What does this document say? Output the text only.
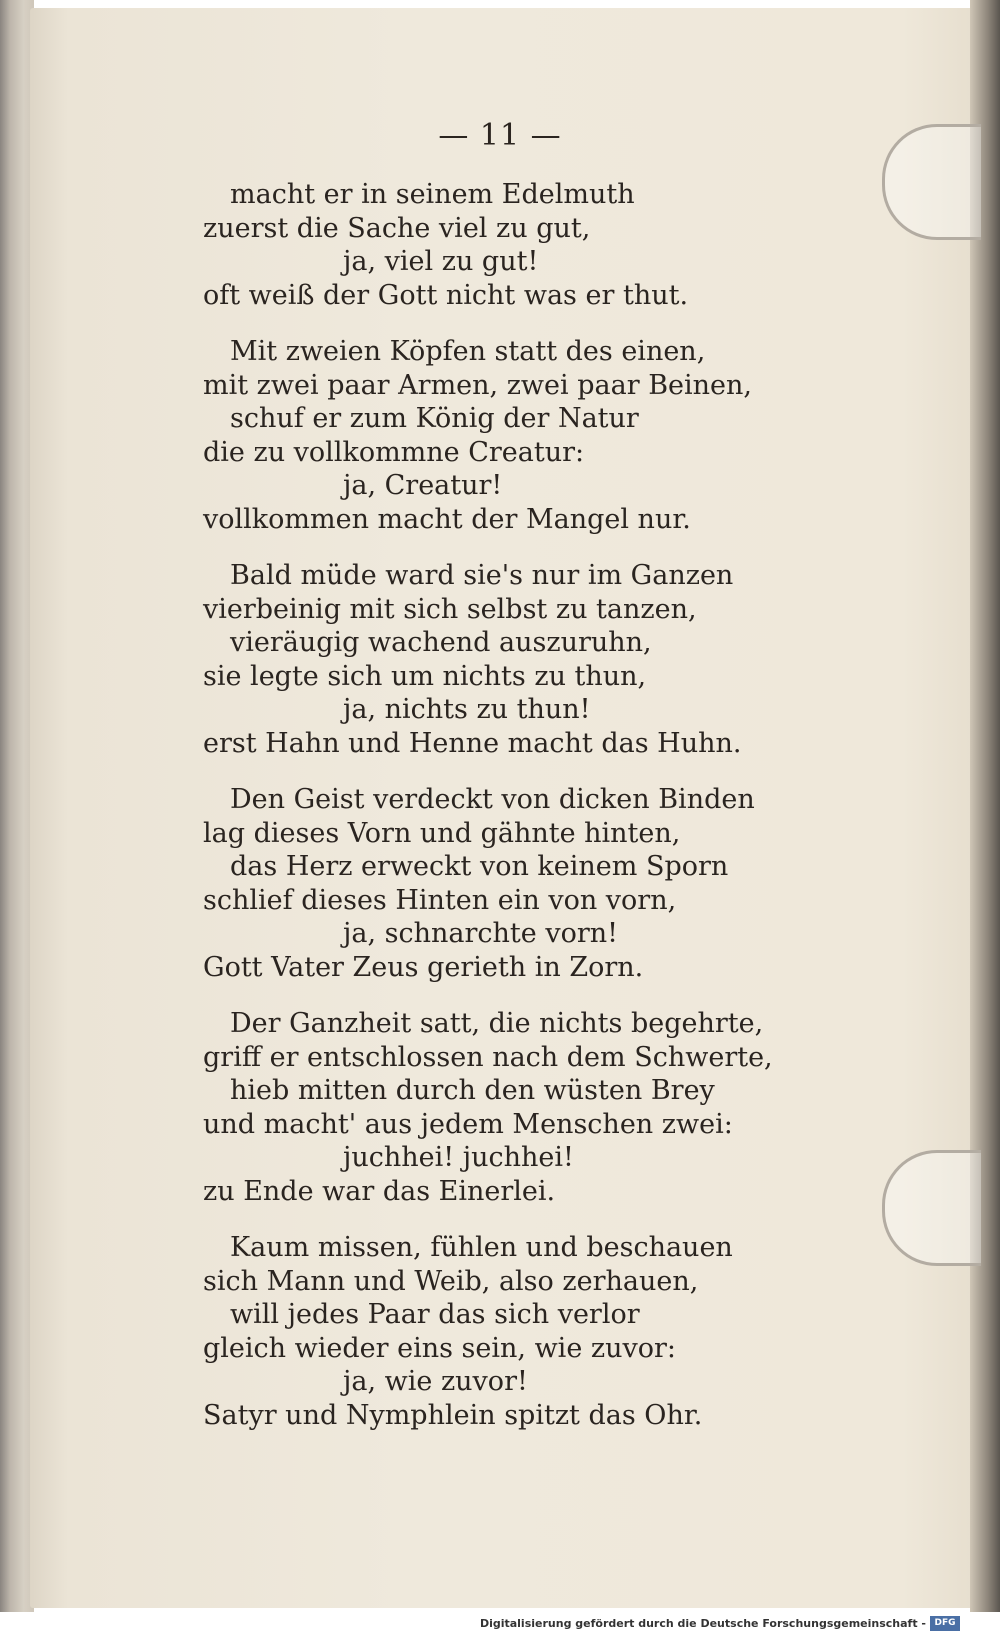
— 11 —
macht er in seinem Edelmuth
zuerst die Sache viel zu gut,
ja, viel zu gut!
oft weiß der Gott nicht was er thut.
Mit zweien Köpfen statt des einen,
mit zwei paar Armen, zwei paar Beinen,
schuf er zum König der Natur
die zu vollkommne Creatur:
ja, Creatur!
vollkommen macht der Mangel nur.
Bald müde ward sie's nur im Ganzen
vierbeinig mit sich selbst zu tanzen,
vieräugig wachend auszuruhn,
sie legte sich um nichts zu thun,
ja, nichts zu thun!
erst Hahn und Henne macht das Huhn.
Den Geist verdeckt von dicken Binden
lag dieses Vorn und gähnte hinten,
das Herz erweckt von keinem Sporn
schlief dieses Hinten ein von vorn,
ja, schnarchte vorn!
Gott Vater Zeus gerieth in Zorn.
Der Ganzheit satt, die nichts begehrte,
griff er entschlossen nach dem Schwerte,
hieb mitten durch den wüsten Brey
und macht' aus jedem Menschen zwei:
juchhei! juchhei!
zu Ende war das Einerlei.
Kaum missen, fühlen und beschauen
sich Mann und Weib, also zerhauen,
will jedes Paar das sich verlor
gleich wieder eins sein, wie zuvor:
ja, wie zuvor!
Satyr und Nymphlein spitzt das Ohr.
Digitalisierung gefördert durch die Deutsche Forschungsgemeinschaft - DFG
